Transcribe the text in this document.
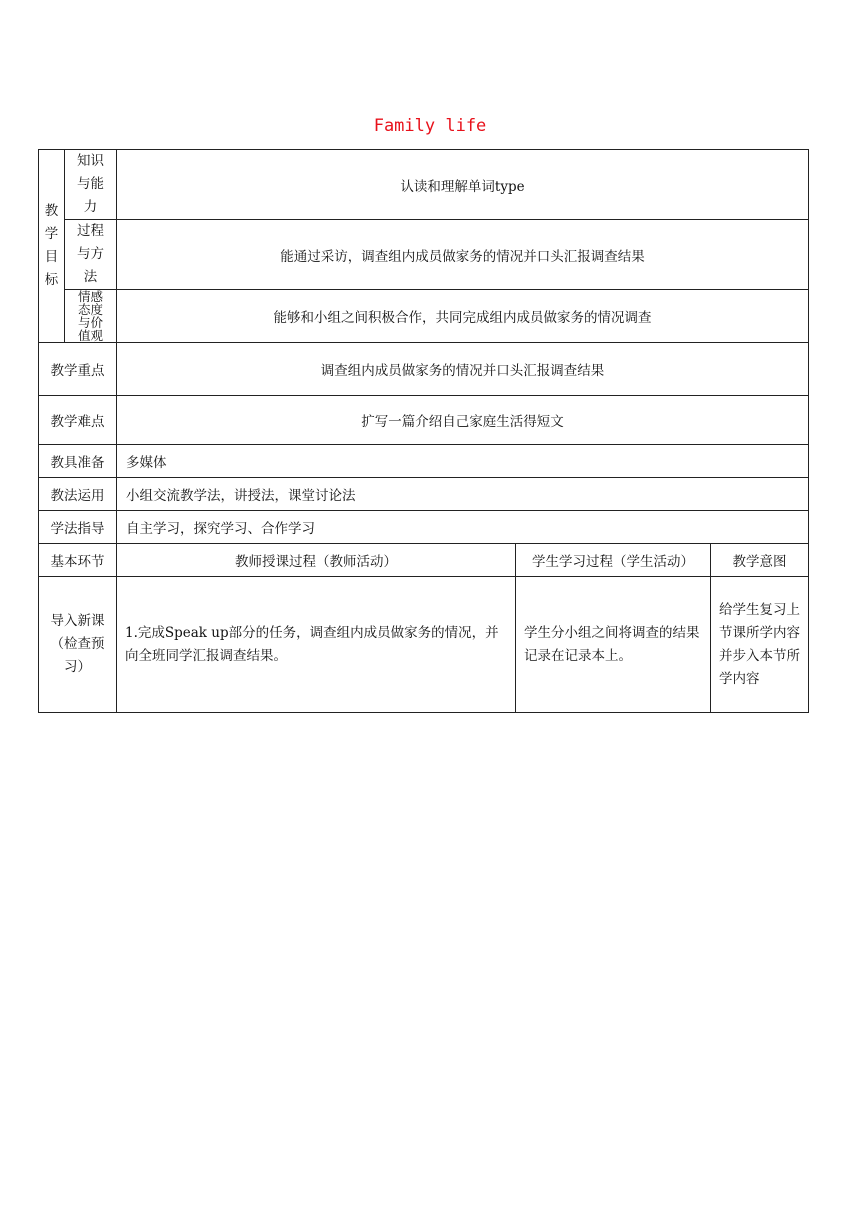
Family life
教学目标	知识与能力	认读和理解单词type		

	过程与方法	能通过采访，调查组内成员做家务的情况并口头汇报调查结果		

	情感态度与价值观	能够和小组之间积极合作，共同完成组内成员做家务的情况调查		
教学重点		调查组内成员做家务的情况并口头汇报调查结果		
教学难点		扩写一篇介绍自己家庭生活得短文		
教具准备		多媒体		
教法运用		小组交流教学法，讲授法，课堂讨论法		
学法指导		自主学习，探究学习、合作学习		
基本环节		教师授课过程（教师活动）	学生学习过程（学生活动）	教学意图

导入新课（检查预习）		1.完成Speak up部分的任务，调查组内成员做家务的情况，并向全班同学汇报调查结果。	学生分小组之间将调查的结果记录在记录本上。	给学生复习上节课所学内容并步入本节所学内容
